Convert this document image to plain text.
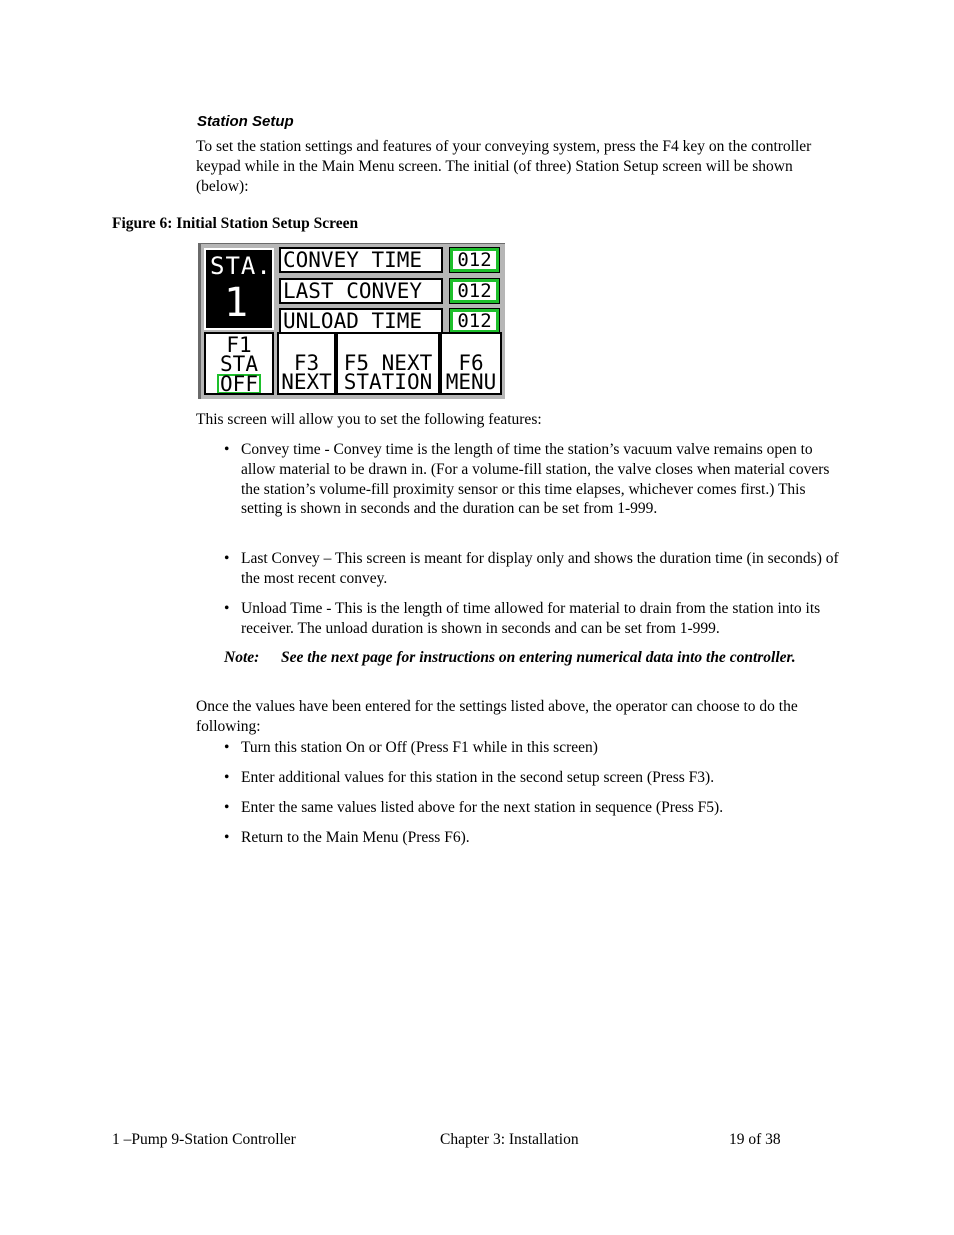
Station Setup
To set the station settings and features of your conveying system, press the F4 key on the controller keypad while in the Main Menu screen. The initial (of three) Station Setup screen will be shown (below):
Figure 6: Initial Station Setup Screen
STA.
1
CONVEY TIME	012
LAST CONVEY	012
UNLOAD TIME	012
F1
STA
OFF
F3
NEXT
F5 NEXT
STATION
F6
MENU
This screen will allow you to set the following features:
• Convey time - Convey time is the length of time the station’s vacuum valve remains open to allow material to be drawn in. (For a volume-fill station, the valve closes when material covers the station’s volume-fill proximity sensor or this time elapses, whichever comes first.) This setting is shown in seconds and the duration can be set from 1-999.
• Last Convey – This screen is meant for display only and shows the duration time (in seconds) of the most recent convey.
• Unload Time - This is the length of time allowed for material to drain from the station into its receiver. The unload duration is shown in seconds and can be set from 1-999.
Note: See the next page for instructions on entering numerical data into the controller.
Once the values have been entered for the settings listed above, the operator can choose to do the following:
• Turn this station On or Off (Press F1 while in this screen)
• Enter additional values for this station in the second setup screen (Press F3).
• Enter the same values listed above for the next station in sequence (Press F5).
• Return to the Main Menu (Press F6).
1 –Pump 9-Station Controller	Chapter 3: Installation	19 of 38
